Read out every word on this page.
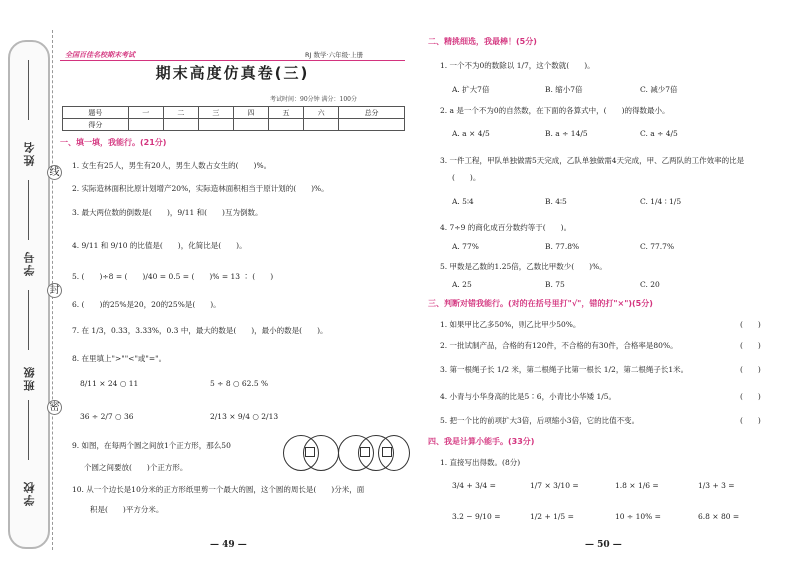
姓名
学号
班级
学校
线
封
密
全国百佳名校期末考试	RJ 数学·六年级·上册
期末高度仿真卷(三)
考试时间：90分钟 满分：100分
题号	一	二	三	四	五	六	总分
得分							
一、填一填，我能行。(21分)
1. 女生有25人，男生有20人，男生人数占女生的(　　)%。
2. 实际造林面积比原计划增产20%，实际造林面积相当于原计划的(　　)%。
3. 最大两位数的倒数是(　　)，9/11 和(　　)互为倒数。
4. 9/11 和 9/10 的比值是(　　)，化简比是(　　)。
5. (　　)÷8 = (　　)/40 = 0.5 = (　　)% = 13 ∶ (　　)
6. (　　)的25%是20，20的25%是(　　)。
7. 在 1/3，0.33，3.33%，0.3 中，最大的数是(　　)，最小的数是(　　)。
8. 在里填上">""<"或"="。
8/11 × 24 ○ 11	5 ÷ 8 ○ 62.5 %
36 ÷ 2/7 ○ 36	2/13 × 9/4 ○ 2/13
9. 如图，在每两个圆之间放1个正方形，那么50
个圆之间要放(　　)个正方形。
10. 从一个边长是10分米的正方形纸里剪一个最大的圆，这个圆的周长是(　　)分米，面
积是(　　)平方分米。
— 49 —
二、精挑细选，我最棒！(5分)
1. 一个不为0的数除以 1/7，这个数就(　　)。
A. 扩大7倍	B. 缩小7倍	C. 减少7倍
2. a 是一个不为0的自然数，在下面的各算式中，(　　)的得数最小。
A. a × 4/5	B. a ÷ 14/5	C. a ÷ 4/5
3. 一件工程，甲队单独做需5天完成，乙队单独做需4天完成，甲、乙两队的工作效率的比是
(　　)。
A. 5∶4	B. 4∶5	C. 1/4 ∶ 1/5
4. 7÷9 的商化成百分数约等于(　　)。
A. 77%	B. 77.8%	C. 77.7%
5. 甲数是乙数的1.25倍，乙数比甲数少(　　)%。
A. 25	B. 75	C. 20
三、判断对错我能行。(对的在括号里打"√"，错的打"×")(5分)
1. 如果甲比乙多50%，则乙比甲少50%。	(　　)
2. 一批试制产品，合格的有120件，不合格的有30件，合格率是80%。	(　　)
3. 第一根绳子长 1/2 米，第二根绳子比第一根长 1/2，第二根绳子长1米。	(　　)
4. 小青与小华身高的比是5∶6，小青比小华矮 1/5。	(　　)
5. 把一个比的前项扩大3倍，后项缩小3倍，它的比值不变。	(　　)
四、我是计算小能手。(33分)
1. 直接写出得数。(8分)
3/4 + 3/4 =	1/7 × 3/10 =	1.8 × 1/6 =	1/3 + 3 =
3.2 − 9/10 =	1/2 + 1/5 =	10 ÷ 10% =	6.8 × 80 =
— 50 —
